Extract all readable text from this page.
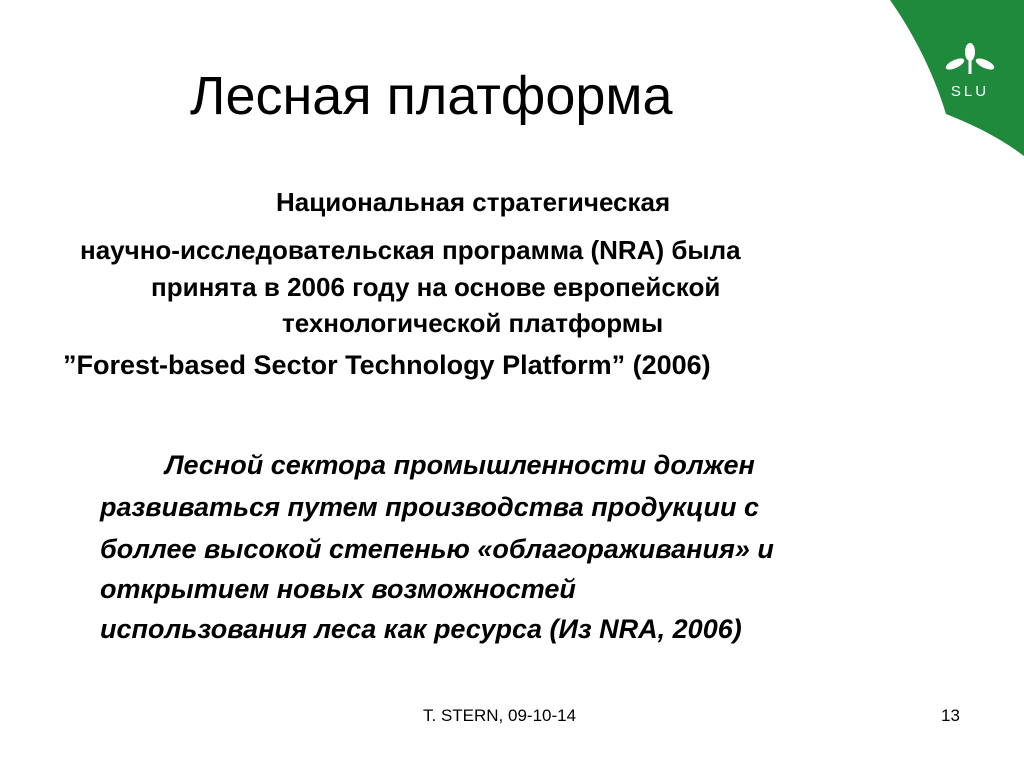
SLU
Лесная платформа
Национальная стратегическая
научно-исследовательская программа (NRA) была
принята в 2006 году на основе европейской
технологической платформы
”Forest-based Sector Technology Platform” (2006)
Лесной сектора промышленности должен
развиваться путем производства продукции с
боллее высокой степенью «облагораживания» и
открытием новых возможностей
использования леса как ресурса (Из NRA, 2006)
T. STERN, 09-10-14	13
